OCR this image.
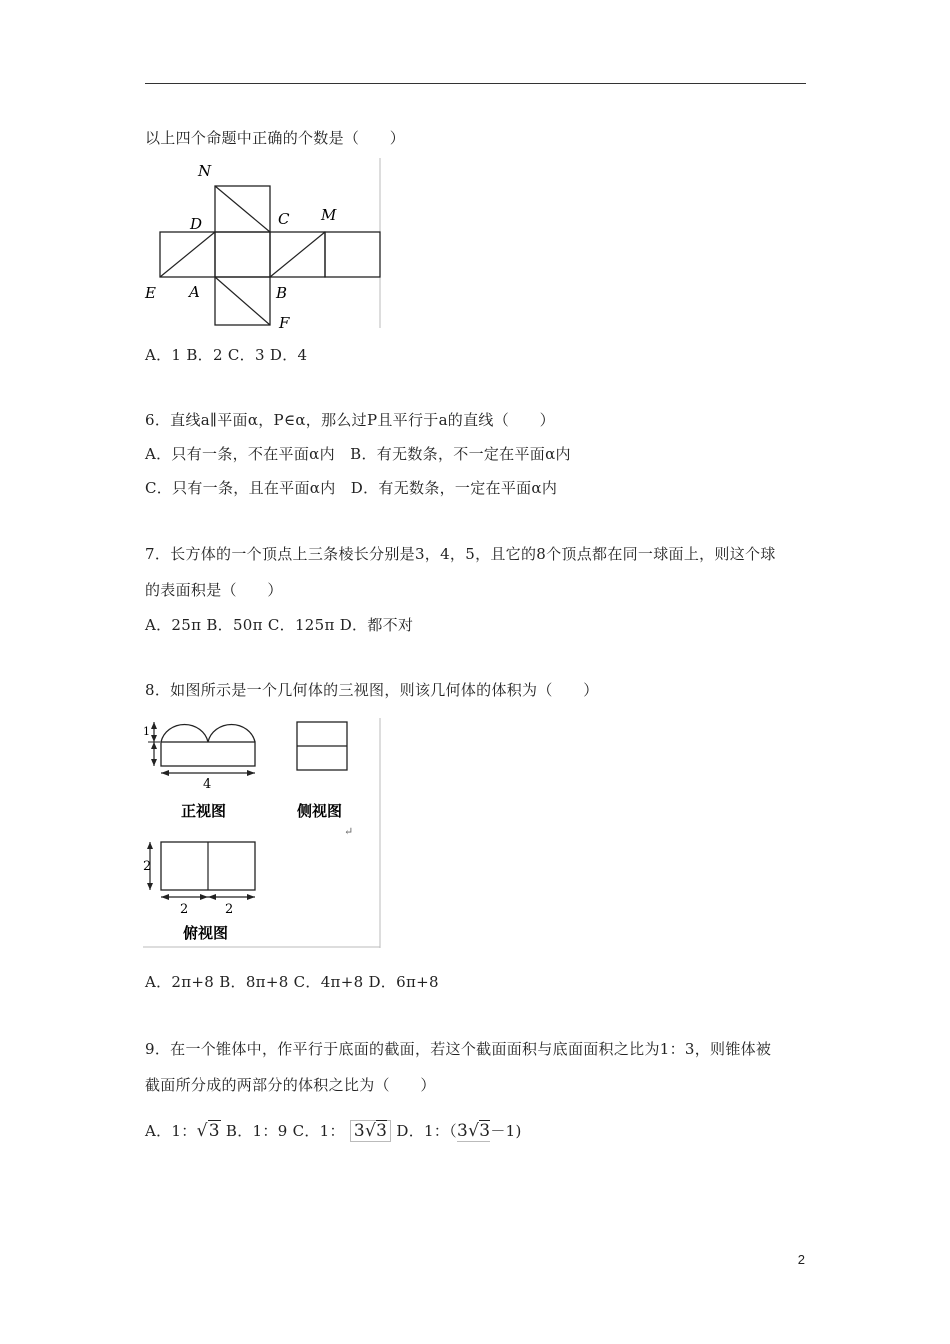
以上四个命题中正确的个数是（　　）
N
D	C M
E A	B
F
A．1 B．2 C．3 D．4
6．直线a∥平面α，P∈α，那么过P且平行于a的直线（　　）
A．只有一条，不在平面α内　B．有无数条，不一定在平面α内
C．只有一条，且在平面α内　D．有无数条，一定在平面α内
7．长方体的一个顶点上三条棱长分别是3，4，5，且它的8个顶点都在同一球面上，则这个球
的表面积是（　　）
A．25π B．50π C．125π D．都不对
8．如图所示是一个几何体的三视图，则该几何体的体积为（　　）
1
4
正视图	侧视图
↵
2
2	2
俯视图
A．2π+8 B．8π+8 C．4π+8 D．6π+8
9．在一个锥体中，作平行于底面的截面，若这个截面面积与底面面积之比为1：3，则锥体被
截面所分成的两部分的体积之比为（　　）
A．1：√3 B．1：9 C．1： 3√3 D．1：（3√3－1)
2
